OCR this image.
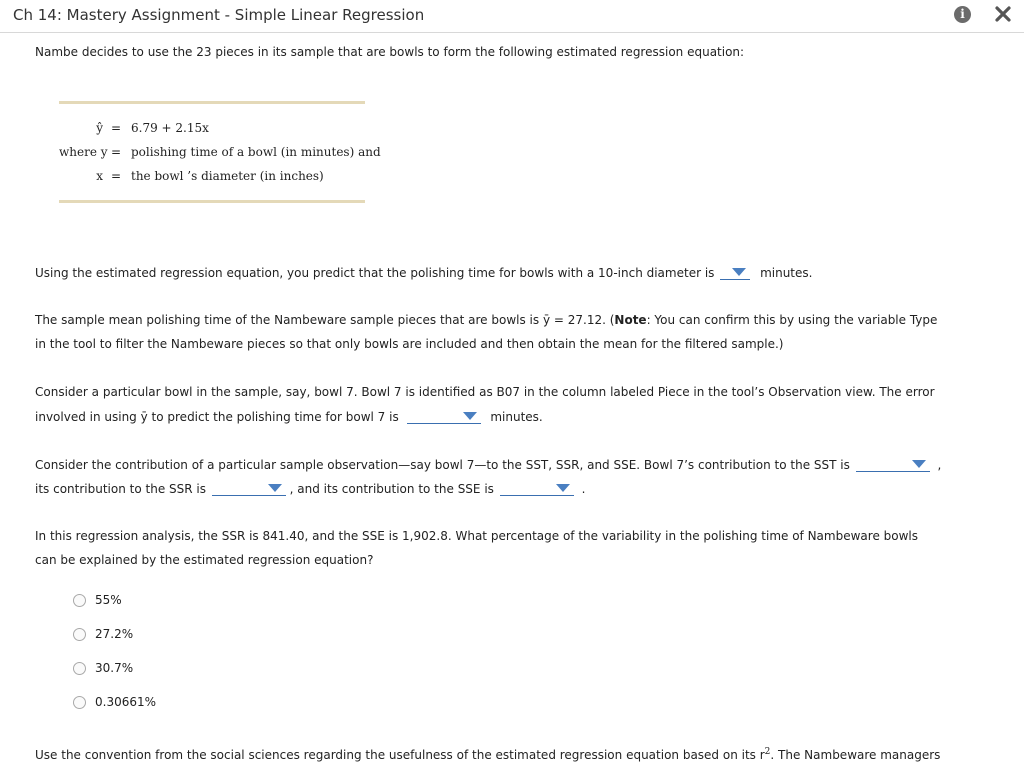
Ch 14: Mastery Assignment - Simple Linear Regression	i
Nambe decides to use the 23 pieces in its sample that are bowls to form the following estimated regression equation:
ŷ = 6.79 + 2.15x
where y = polishing time of a bowl (in minutes) and
x = the bowl ’s diameter (in inches)
Using the estimated regression equation, you predict that the polishing time for bowls with a 10-inch diameter is	minutes.
The sample mean polishing time of the Nambeware sample pieces that are bowls is ȳ = 27.12. (Note: You can confirm this by using the variable Type
in the tool to filter the Nambeware pieces so that only bowls are included and then obtain the mean for the filtered sample.)
Consider a particular bowl in the sample, say, bowl 7. Bowl 7 is identified as B07 in the column labeled Piece in the tool’s Observation view. The error
involved in using ȳ to predict the polishing time for bowl 7 is	minutes.
Consider the contribution of a particular sample observation—say bowl 7—to the SST, SSR, and SSE. Bowl 7’s contribution to the SST is	,
its contribution to the SSR is	, and its contribution to the SSE is	.
In this regression analysis, the SSR is 841.40, and the SSE is 1,902.8. What percentage of the variability in the polishing time of Nambeware bowls
can be explained by the estimated regression equation?
55%
27.2%
30.7%
0.30661%
Use the convention from the social sciences regarding the usefulness of the estimated regression equation based on its $r^2$. The Nambeware managers
